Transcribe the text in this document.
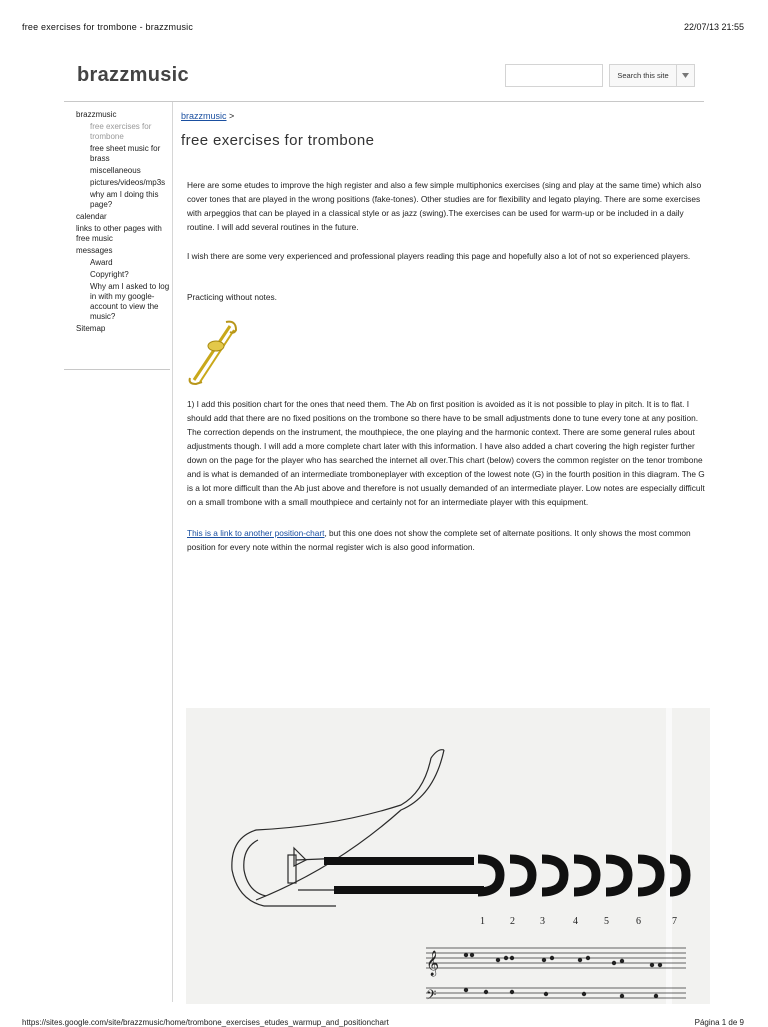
free exercises for trombone - brazzmusic	22/07/13 21:55
brazzmusic	Search this site
brazzmusic
free exercises for trombone
free sheet music for brass
miscellaneous
pictures/videos/mp3s
why am I doing this page?
calendar
links to other pages with free music
messages
Award
Copyright?
Why am I asked to log in with my google-account to view the music?
Sitemap
brazzmusic >
free exercises for trombone

Here are some etudes to improve the high register and also a few simple multiphonics exercises (sing and play at the same time) which also cover tones that are played in the wrong positions (fake-tones). Other studies are for flexibility and legato playing. There are some exercises with arpeggios that can be played in a classical style or as jazz (swing).The exercises can be used for warm-up or be included in a daily routine. I will add several routines in the future.

I wish there are some very experienced and professional players reading this page and hopefully also a lot of not so experienced players.

Practicing without notes.

1) I add this position chart for the ones that need them. The Ab on first position is avoided as it is not possible to play in pitch. It is to flat. I should add that there are no fixed positions on the trombone so there have to be small adjustments done to tune every tone at any position. The correction depends on the instrument, the mouthpiece, the one playing and the harmonic context. There are some general rules about adjustments though. I will add a more complete chart later with this information. I have also added a chart covering the high register further down on the page for the player who has searched the internet all over.This chart (below) covers the common register on the tenor trombone and is what is demanded of an intermediate tromboneplayer with exception of the lowest note (G) in the fourth position in this diagram. The G is a lot more difficult than the Ab just above and therefore is not usually demanded of an intermediate player. Low notes are especially difficult on a small trombone with a small mouthpiece and certainly not for an intermediate player with this equipment.

This is a link to another position-chart, but this one does not show the complete set of alternate positions. It only shows the most common position for every note within the normal register wich is also good information.

1	2	3	4	5	6	7
𝄞
𝄢
https://sites.google.com/site/brazzmusic/home/trombone_exercises_etudes_warmup_and_positionchart	Página 1 de 9
